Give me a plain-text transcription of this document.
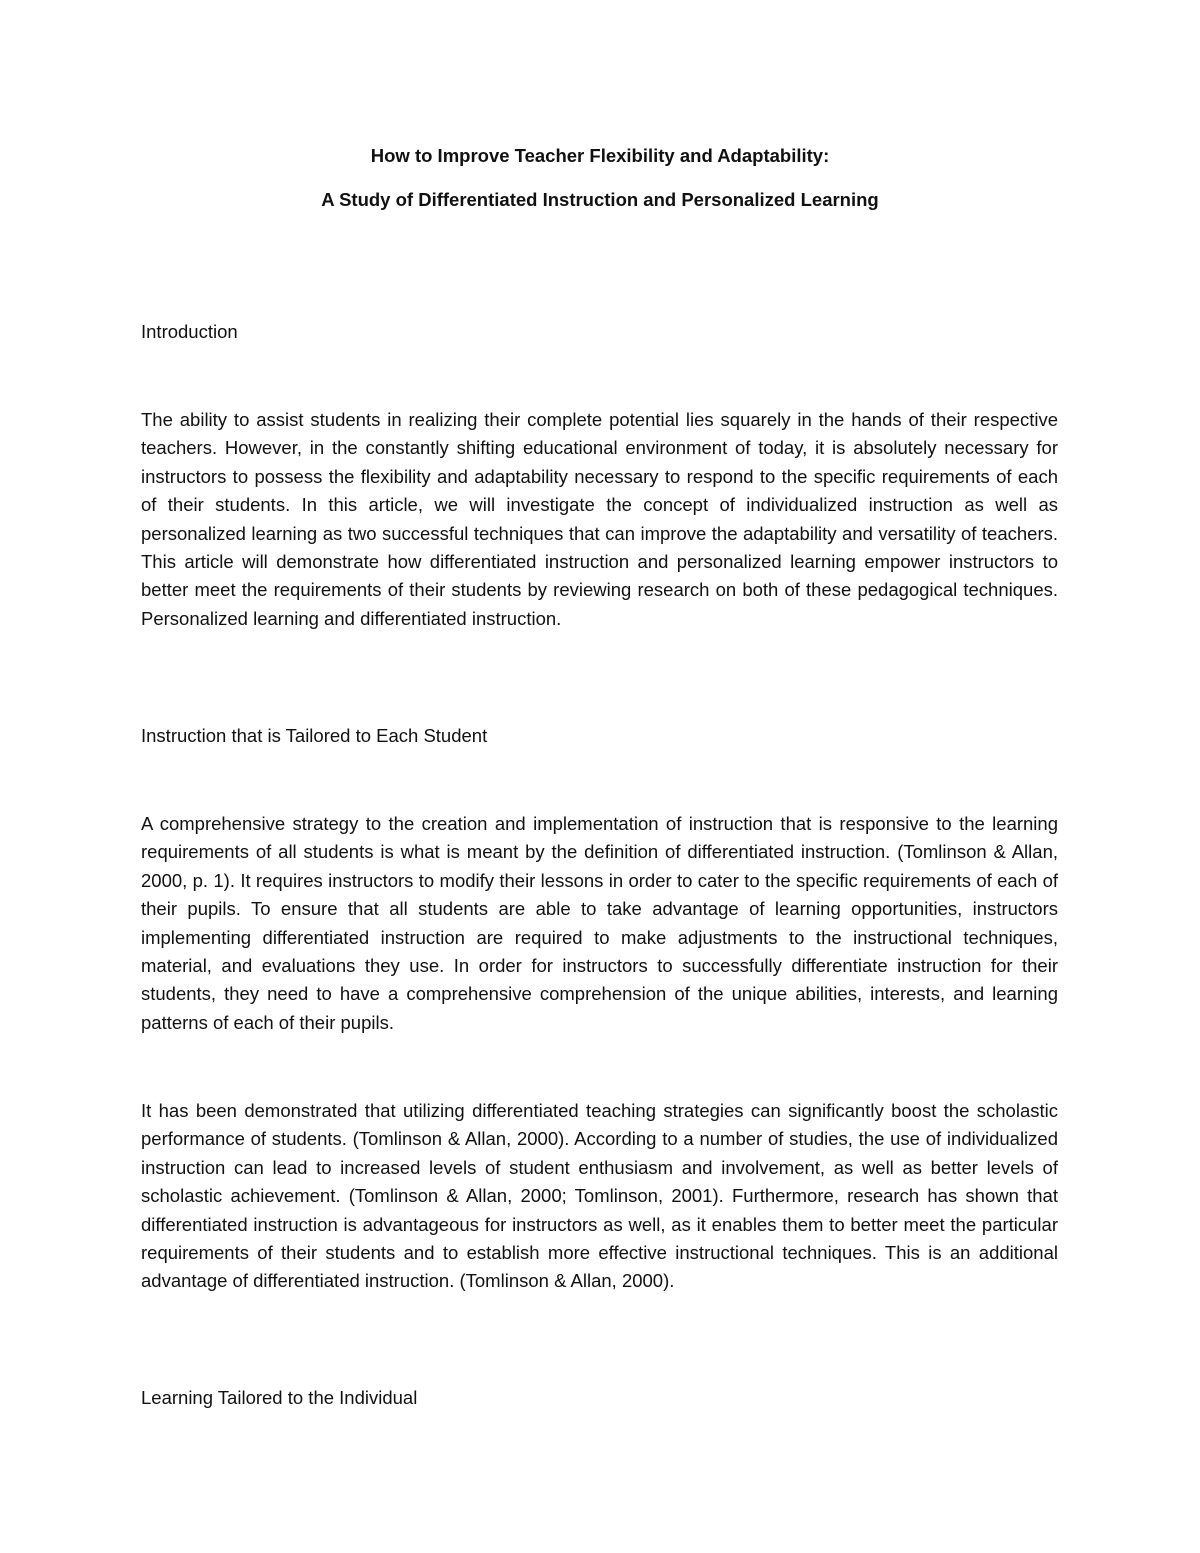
How to Improve Teacher Flexibility and Adaptability:
A Study of Differentiated Instruction and Personalized Learning
Introduction

The ability to assist students in realizing their complete potential lies squarely in the hands of their respective teachers. However, in the constantly shifting educational environment of today, it is absolutely necessary for instructors to possess the flexibility and adaptability necessary to respond to the specific requirements of each of their students. In this article, we will investigate the concept of individualized instruction as well as personalized learning as two successful techniques that can improve the adaptability and versatility of teachers. This article will demonstrate how differentiated instruction and personalized learning empower instructors to better meet the requirements of their students by reviewing research on both of these pedagogical techniques. Personalized learning and differentiated instruction.

Instruction that is Tailored to Each Student

A comprehensive strategy to the creation and implementation of instruction that is responsive to the learning requirements of all students is what is meant by the definition of differentiated instruction. (Tomlinson & Allan, 2000, p. 1). It requires instructors to modify their lessons in order to cater to the specific requirements of each of their pupils. To ensure that all students are able to take advantage of learning opportunities, instructors implementing differentiated instruction are required to make adjustments to the instructional techniques, material, and evaluations they use. In order for instructors to successfully differentiate instruction for their students, they need to have a comprehensive comprehension of the unique abilities, interests, and learning patterns of each of their pupils.

It has been demonstrated that utilizing differentiated teaching strategies can significantly boost the scholastic performance of students. (Tomlinson & Allan, 2000). According to a number of studies, the use of individualized instruction can lead to increased levels of student enthusiasm and involvement, as well as better levels of scholastic achievement. (Tomlinson & Allan, 2000; Tomlinson, 2001). Furthermore, research has shown that differentiated instruction is advantageous for instructors as well, as it enables them to better meet the particular requirements of their students and to establish more effective instructional techniques. This is an additional advantage of differentiated instruction. (Tomlinson & Allan, 2000).

Learning Tailored to the Individual
